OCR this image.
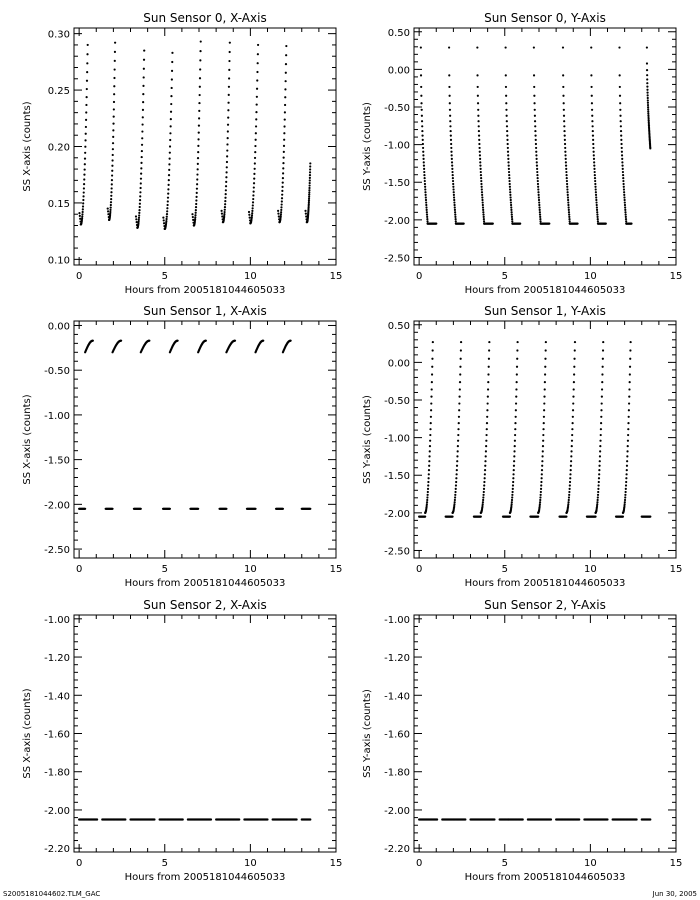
Sun Sensor 0, X-Axis
0	5	10	15
0.10
0.15
0.20
0.25
0.30
Hours from 2005181044605033
SS X-axis (counts)
Sun Sensor 0, Y-Axis
0	5	10	15
0.50
0.00
-0.50
-1.00
-1.50
-2.00
-2.50
Hours from 2005181044605033
SS Y-axis (counts)
Sun Sensor 1, X-Axis
0	5	10	15
0.00
-0.50
-1.00
-1.50
-2.00
-2.50
Hours from 2005181044605033
SS X-axis (counts)
Sun Sensor 1, Y-Axis
0	5	10	15
0.50
0.00
-0.50
-1.00
-1.50
-2.00
-2.50
Hours from 2005181044605033
SS Y-axis (counts)
Sun Sensor 2, X-Axis
0	5	10	15
-1.00
-1.20
-1.40
-1.60
-1.80
-2.00
-2.20
Hours from 2005181044605033
SS X-axis (counts)
Sun Sensor 2, Y-Axis
0	5	10	15
-1.00
-1.20
-1.40
-1.60
-1.80
-2.00
-2.20
Hours from 2005181044605033
SS Y-axis (counts)
S2005181044602.TLM_GAC	Jun 30, 2005
